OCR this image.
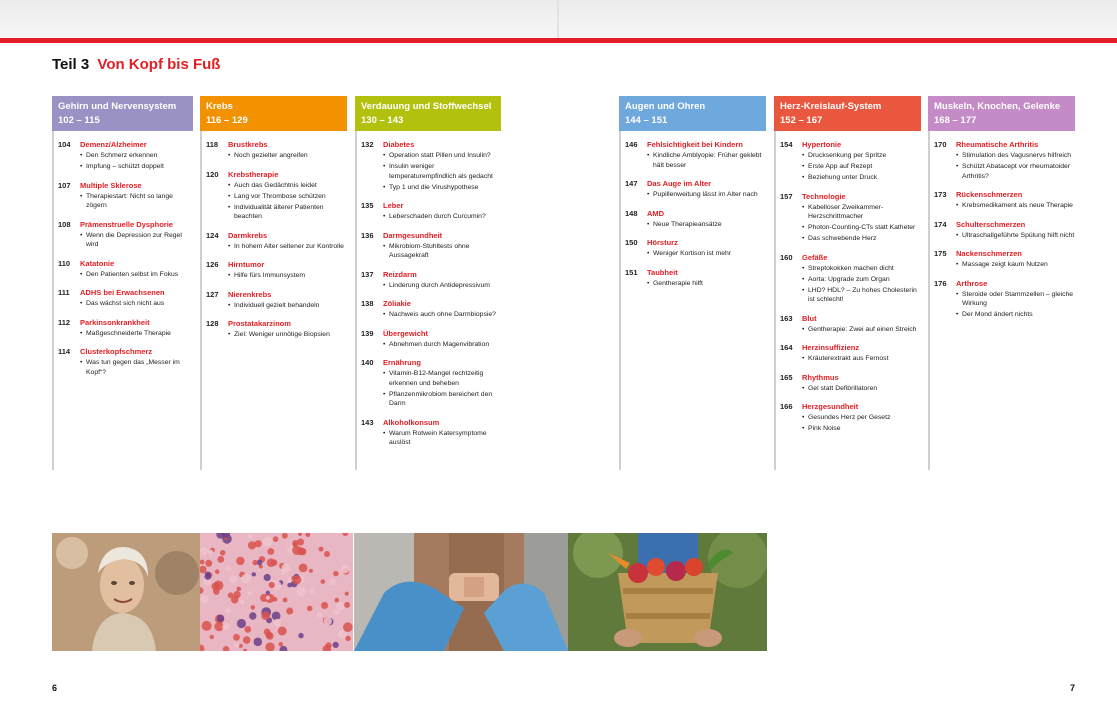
Teil 3 Von Kopf bis Fuß
Gehirn und Nervensystem
102 – 115
104	Demenz/Alzheimer
• Den Schmerz erkennen
• Impfung – schützt doppelt
107	Multiple Sklerose
• Therapiestart: Nicht so lange zögern
108	Prämenstruelle Dysphorie
• Wenn die Depression zur Regel wird
110	Katatonie
• Den Patienten selbst im Fokus
111	ADHS bei Erwachsenen
• Das wächst sich nicht aus
112	Parkinsonkrankheit
• Maßgeschneiderte Therapie
114	Clusterkopfschmerz
• Was tun gegen das „Messer im Kopf“?
Krebs
116 – 129
118	Brustkrebs
• Noch gezielter angreifen
120	Krebstherapie
• Auch das Gedächtnis leidet
• Lang vor Thrombose schützen
• Individualität älterer Patienten beachten
124	Darmkrebs
• In hohem Alter seltener zur Kontrolle
126	Hirntumor
• Hilfe fürs Immunsystem
127	Nierenkrebs
• Individuell gezielt behandeln
128	Prostatakarzinom
• Ziel: Weniger unnötige Biopsien
Verdauung und Stoffwechsel
130 – 143
132	Diabetes
• Operation statt Pillen und Insulin?
• Insulin weniger temperaturempfindlich als gedacht
• Typ 1 und die Virushypothese
135	Leber
• Leberschaden durch Curcumin?
136	Darmgesundheit
• Mikrobiom-Stuhltests ohne Aussagekraft
137	Reizdarm
• Linderung durch Antidepressivum
138	Zöliakie
• Nachweis auch ohne Darmbiopsie?
139	Übergewicht
• Abnehmen durch Magenvibration
140	Ernährung
• Vitamin-B12-Mangel rechtzeitig erkennen und beheben
• Pflanzenmikrobiom bereichert den Darm
143	Alkoholkonsum
• Warum Rotwein Katersymptome auslöst
Augen und Ohren
144 – 151
146	Fehlsichtigkeit bei Kindern
• Kindliche Amblyopie: Früher geklebt hält besser
147	Das Auge im Alter
• Pupillenweitung lässt im Alter nach
148	AMD
• Neue Therapieansätze
150	Hörsturz
• Weniger Kortison ist mehr
151	Taubheit
• Gentherapie hilft
Herz-Kreislauf-System
152 – 167
154	Hypertonie
• Drucksenkung per Spritze
• Erste App auf Rezept
• Beziehung unter Druck
157	Technologie
• Kabelloser Zweikammer-Herzschrittmacher
• Photon-Counting-CTs statt Katheter
• Das schwebende Herz
160	Gefäße
• Streptokokken machen dicht
• Aorta: Upgrade zum Organ
• LHD? HDL? – Zu hohes Cholesterin ist schlecht!
163	Blut
• Gentherapie: Zwei auf einen Streich
164	Herzinsuffizienz
• Kräuterextrakt aus Fernost
165	Rhythmus
• Gel statt Defibrillatoren
166	Herzgesundheit
• Gesundes Herz per Gesetz
• Pink Noise
Muskeln, Knochen, Gelenke
168 – 177
170	Rheumatische Arthritis
• Stimulation des Vagusnervs hilfreich
• Schützt Abatacept vor rheumatoider Arthritis?
173	Rückenschmerzen
• Krebsmedikament als neue Therapie
174	Schulterschmerzen
• Ultraschallgeführte Spülung hilft nicht
175	Nackenschmerzen
• Massage zeigt kaum Nutzen
176	Arthrose
• Steroide oder Stammzellen – gleiche Wirkung
• Der Mond ändert nichts
6	7
